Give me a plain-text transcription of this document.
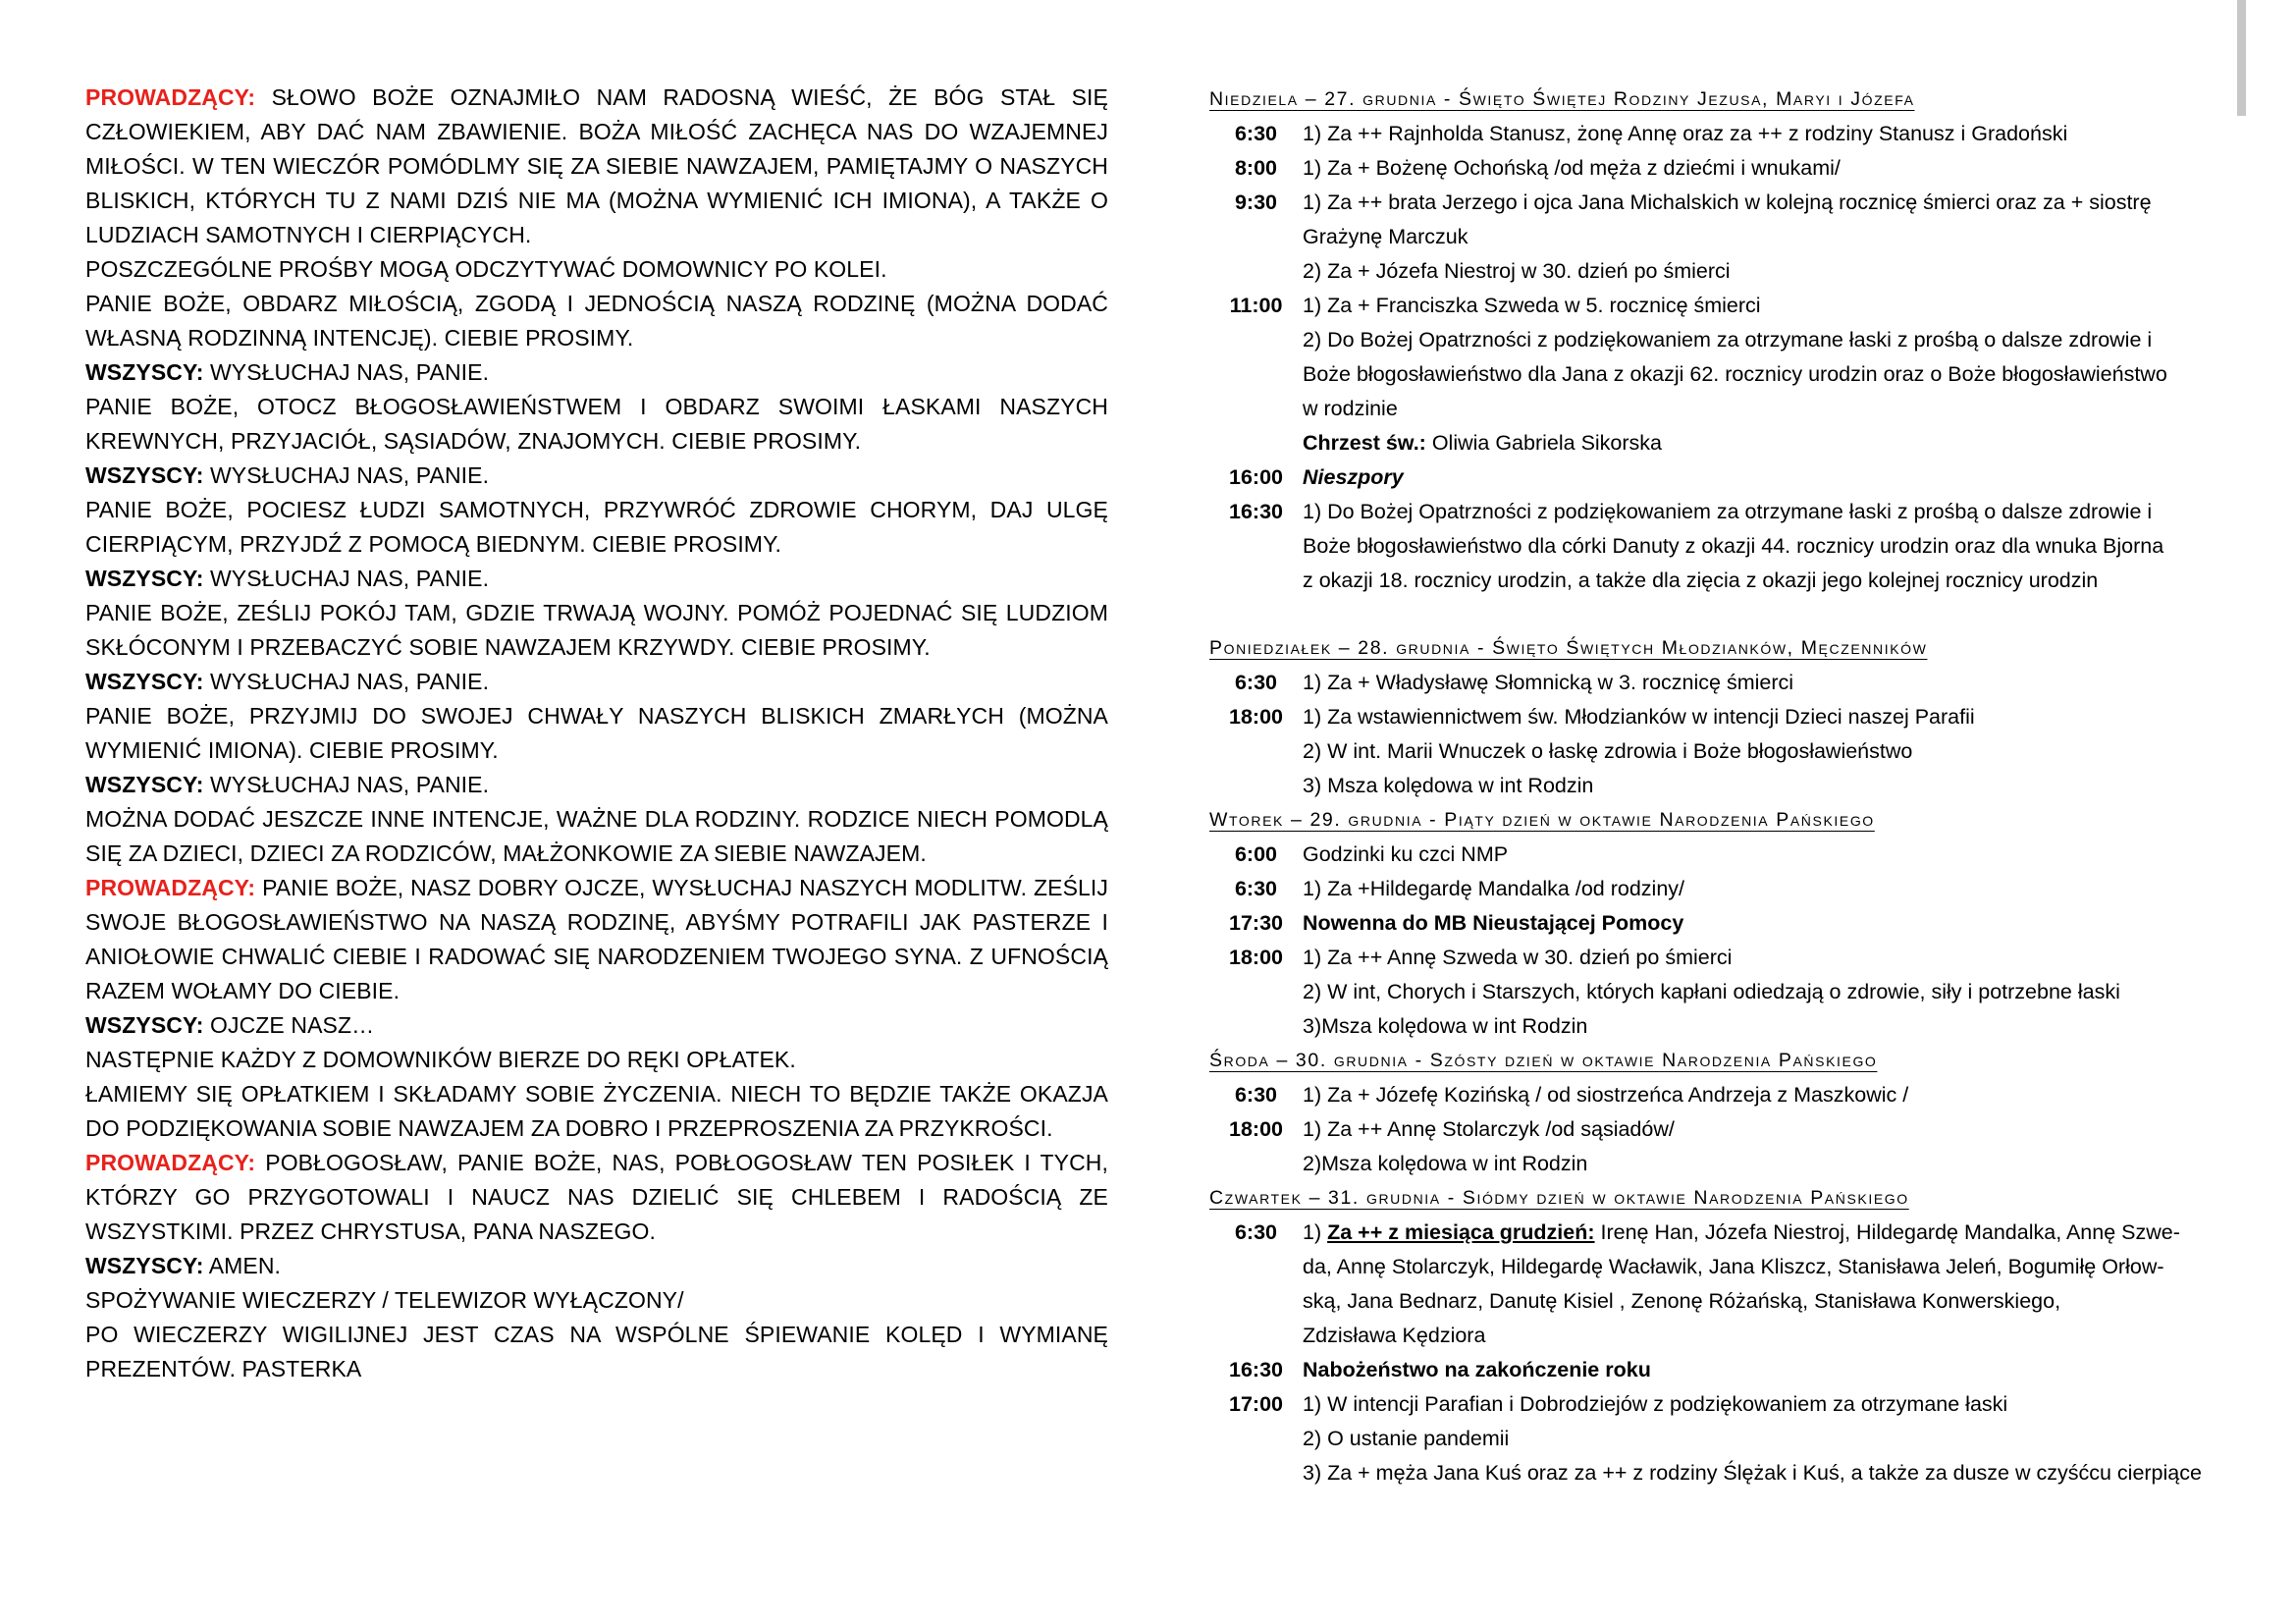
PROWADZĄCY: SŁOWO BOŻE OZNAJMIŁO NAM RADOSNĄ WIEŚĆ, ŻE BÓG STAŁ SIĘ CZŁOWIEKIEM, ABY DAĆ NAM ZBAWIENIE. BOŻA MIŁOŚĆ ZACHĘCA NAS DO WZAJEMNEJ MIŁOŚCI. W TEN WIECZÓR POMÓDLMY SIĘ ZA SIEBIE NAWZAJEM, PAMIĘTAJMY O NASZYCH BLISKICH, KTÓRYCH TU Z NAMI DZIŚ NIE MA (MOŻNA WYMIENIĆ ICH IMIONA), A TAKŻE O LUDZIACH SAMOTNYCH I CIERPIĄCYCH.

POSZCZEGÓLNE PROŚBY MOGĄ ODCZYTYWAĆ DOMOWNICY PO KOLEI.

PANIE BOŻE, OBDARZ MIŁOŚCIĄ, ZGODĄ I JEDNOŚCIĄ NASZĄ RODZINĘ (MOŻNA DODAĆ WŁASNĄ RODZINNĄ INTENCJĘ). CIEBIE PROSIMY.

WSZYSCY: WYSŁUCHAJ NAS, PANIE.

PANIE BOŻE, OTOCZ BŁOGOSŁAWIEŃSTWEM I OBDARZ SWOIMI ŁASKAMI NASZYCH KREWNYCH, PRZYJACIÓŁ, SĄSIADÓW, ZNAJOMYCH. CIEBIE PROSIMY.

WSZYSCY: WYSŁUCHAJ NAS, PANIE.

PANIE BOŻE, POCIESZ ŁUDZI SAMOTNYCH, PRZYWRÓĆ ZDROWIE CHORYM, DAJ ULGĘ CIERPIĄCYM, PRZYJDŹ Z POMOCĄ BIEDNYM. CIEBIE PROSIMY.

WSZYSCY: WYSŁUCHAJ NAS, PANIE.

PANIE BOŻE, ZEŚLIJ POKÓJ TAM, GDZIE TRWAJĄ WOJNY. POMÓŻ POJEDNAĆ SIĘ LUDZIOM SKŁÓCONYM I PRZEBACZYĆ SOBIE NAWZAJEM KRZYWDY. CIEBIE PROSIMY.

WSZYSCY: WYSŁUCHAJ NAS, PANIE.

PANIE BOŻE, PRZYJMIJ DO SWOJEJ CHWAŁY NASZYCH BLISKICH ZMARŁYCH (MOŻNA WYMIENIĆ IMIONA). CIEBIE PROSIMY.

WSZYSCY: WYSŁUCHAJ NAS, PANIE.

MOŻNA DODAĆ JESZCZE INNE INTENCJE, WAŻNE DLA RODZINY. RODZICE NIECH POMODLĄ SIĘ ZA DZIECI, DZIECI ZA RODZICÓW, MAŁŻONKOWIE ZA SIEBIE NAWZAJEM.

PROWADZĄCY: PANIE BOŻE, NASZ DOBRY OJCZE, WYSŁUCHAJ NASZYCH MODLITW. ZEŚLIJ SWOJE BŁOGOSŁAWIEŃSTWO NA NASZĄ RODZINĘ, ABYŚMY POTRAFILI JAK PASTERZE I ANIOŁOWIE CHWALIĆ CIEBIE I RADOWAĆ SIĘ NARODZENIEM TWOJEGO SYNA. Z UFNOŚCIĄ RAZEM WOŁAMY DO CIEBIE.

WSZYSCY: OJCZE NASZ…

NASTĘPNIE KAŻDY Z DOMOWNIKÓW BIERZE DO RĘKI OPŁATEK.

ŁAMIEMY SIĘ OPŁATKIEM I SKŁADAMY SOBIE ŻYCZENIA. NIECH TO BĘDZIE TAKŻE OKAZJA DO PODZIĘKOWANIA SOBIE NAWZAJEM ZA DOBRO I PRZEPROSZENIA ZA PRZYKROŚCI.

PROWADZĄCY: POBŁOGOSŁAW, PANIE BOŻE, NAS, POBŁOGOSŁAW TEN POSIŁEK I TYCH, KTÓRZY GO PRZYGOTOWALI I NAUCZ NAS DZIELIĆ SIĘ CHLEBEM I RADOŚCIĄ ZE WSZYSTKIMI. PRZEZ CHRYSTUSA, PANA NASZEGO.

WSZYSCY: AMEN.

SPOŻYWANIE WIECZERZY / TELEWIZOR WYŁĄCZONY/

PO WIECZERZY WIGILIJNEJ JEST CZAS NA WSPÓLNE ŚPIEWANIE KOLĘD I WYMIANĘ PREZENTÓW. PASTERKA

Niedziela – 27. grudnia - Święto Świętej Rodziny Jezusa, Maryi i Józefa
6:30	1) Za ++ Rajnholda Stanusz, żonę Annę oraz za ++ z rodziny Stanusz i Gradoński
8:00	1) Za + Bożenę Ochońską /od męża z dziećmi i wnukami/
9:30	1) Za ++ brata Jerzego i ojca Jana Michalskich w kolejną rocznicę śmierci oraz za + siostrę
Grażynę Marczuk
2) Za + Józefa Niestroj w 30. dzień po śmierci
11:00 1) Za + Franciszka Szweda w 5. rocznicę śmierci
2) Do Bożej Opatrzności z podziękowaniem za otrzymane łaski z prośbą o dalsze zdrowie i
Boże błogosławieństwo dla Jana z okazji 62. rocznicy urodzin oraz o Boże błogosławieństwo
w rodzinie
Chrzest św.: Oliwia Gabriela Sikorska
16:00 Nieszpory
16:30 1) Do Bożej Opatrzności z podziękowaniem za otrzymane łaski z prośbą o dalsze zdrowie i
Boże błogosławieństwo dla córki Danuty z okazji 44. rocznicy urodzin oraz dla wnuka Bjorna
z okazji 18. rocznicy urodzin, a także dla zięcia z okazji jego kolejnej rocznicy urodzin
Poniedziałek – 28. grudnia - Święto Świętych Młodzianków, Męczenników
6:30	1) Za + Władysławę Słomnicką w 3. rocznicę śmierci
18:00 1) Za wstawiennictwem św. Młodzianków w intencji Dzieci naszej Parafii
2) W int. Marii Wnuczek o łaskę zdrowia i Boże błogosławieństwo
3) Msza kolędowa w int Rodzin
Wtorek – 29. grudnia - Piąty dzień w oktawie Narodzenia Pańskiego
6:00	Godzinki ku czci NMP
6:30	1) Za +Hildegardę Mandalka /od rodziny/
17:30 Nowenna do MB Nieustającej Pomocy
18:00 1) Za ++ Annę Szweda w 30. dzień po śmierci
2) W int, Chorych i Starszych, których kapłani odiedzają o zdrowie, siły i potrzebne łaski
3)Msza kolędowa w int Rodzin
Środa – 30. grudnia - Szósty dzień w oktawie Narodzenia Pańskiego
6:30	1) Za + Józefę Kozińską / od siostrzeńca Andrzeja z Maszkowic /
18:00 1) Za ++ Annę Stolarczyk /od sąsiadów/
2)Msza kolędowa w int Rodzin
Czwartek – 31. grudnia - Siódmy dzień w oktawie Narodzenia Pańskiego
6:30	1) Za ++ z miesiąca grudzień: Irenę Han, Józefa Niestroj, Hildegardę Mandalka, Annę Szwe-
da, Annę Stolarczyk, Hildegardę Wacławik, Jana Kliszcz, Stanisława Jeleń, Bogumiłę Orłow-
ską, Jana Bednarz, Danutę Kisiel , Zenonę Różańską, Stanisława Konwerskiego,
Zdzisława Kędziora
16:30 Nabożeństwo na zakończenie roku
17:00 1) W intencji Parafian i Dobrodziejów z podziękowaniem za otrzymane łaski
2) O ustanie pandemii
3) Za + męża Jana Kuś oraz za ++ z rodziny Ślężak i Kuś, a także za dusze w czyśćcu cierpiące
